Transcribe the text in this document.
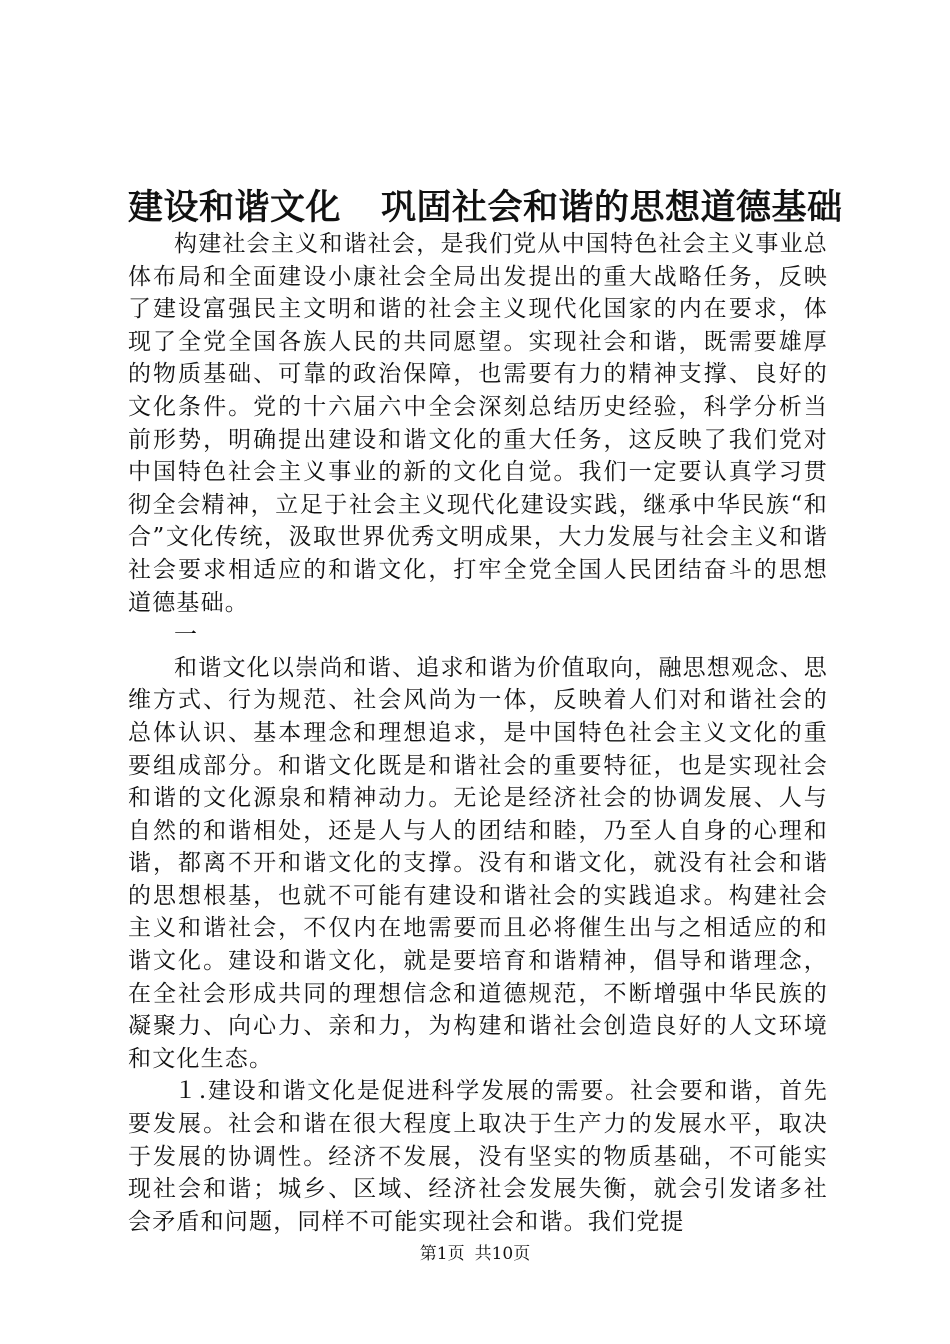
建设和谐文化 巩固社会和谐的思想道德基础

构建社会主义和谐社会，是我们党从中国特色社会主义事业总体布局和全面建设小康社会全局出发提出的重大战略任务，反映了建设富强民主文明和谐的社会主义现代化国家的内在要求，体现了全党全国各族人民的共同愿望。实现社会和谐，既需要雄厚的物质基础、可靠的政治保障，也需要有力的精神支撑、良好的文化条件。党的十六届六中全会深刻总结历史经验，科学分析当前形势，明确提出建设和谐文化的重大任务，这反映了我们党对中国特色社会主义事业的新的文化自觉。我们一定要认真学习贯彻全会精神，立足于社会主义现代化建设实践，继承中华民族“和合”文化传统，汲取世界优秀文明成果，大力发展与社会主义和谐社会要求相适应的和谐文化，打牢全党全国人民团结奋斗的思想道德基础。

一

和谐文化以崇尚和谐、追求和谐为价值取向，融思想观念、思维方式、行为规范、社会风尚为一体，反映着人们对和谐社会的总体认识、基本理念和理想追求，是中国特色社会主义文化的重要组成部分。和谐文化既是和谐社会的重要特征，也是实现社会和谐的文化源泉和精神动力。无论是经济社会的协调发展、人与自然的和谐相处，还是人与人的团结和睦，乃至人自身的心理和谐，都离不开和谐文化的支撑。没有和谐文化，就没有社会和谐的思想根基，也就不可能有建设和谐社会的实践追求。构建社会主义和谐社会，不仅内在地需要而且必将催生出与之相适应的和谐文化。建设和谐文化，就是要培育和谐精神，倡导和谐理念，在全社会形成共同的理想信念和道德规范，不断增强中华民族的凝聚力、向心力、亲和力，为构建和谐社会创造良好的人文环境和文化生态。

１.建设和谐文化是促进科学发展的需要。社会要和谐，首先要发展。社会和谐在很大程度上取决于生产力的发展水平，取决于发展的协调性。经济不发展，没有坚实的物质基础，不可能实现社会和谐；城乡、区域、经济社会发展失衡，就会引发诸多社会矛盾和问题，同样不可能实现社会和谐。我们党提

第1页 共10页
